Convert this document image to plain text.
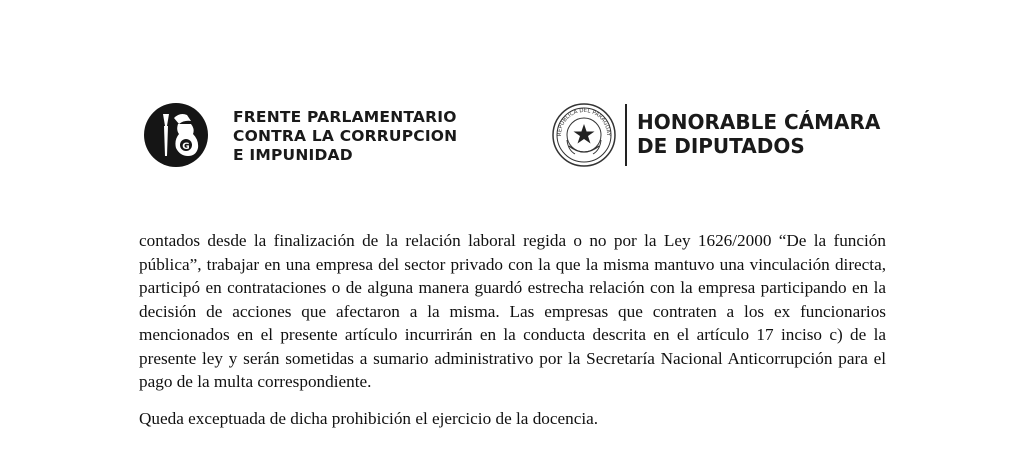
G
FRENTE PARLAMENTARIO
CONTRA LA CORRUPCION
E IMPUNIDAD
REPUBLICA DEL PARAGUAY
HONORABLE CÁMARA
DE DIPUTADOS

contados desde la finalización de la relación laboral regida o no por la Ley 1626/2000 “De la función pública”, trabajar en una empresa del sector privado con la que la misma mantuvo una vinculación directa, participó en contrataciones o de alguna manera guardó estrecha relación con la empresa participando en la decisión de acciones que afectaron a la misma. Las empresas que contraten a los ex funcionarios mencionados en el presente artículo incurrirán en la conducta descrita en el artículo 17 inciso c) de la presente ley y serán sometidas a sumario administrativo por la Secretaría Nacional Anticorrupción para el pago de la multa correspondiente.

Queda exceptuada de dicha prohibición el ejercicio de la docencia.
